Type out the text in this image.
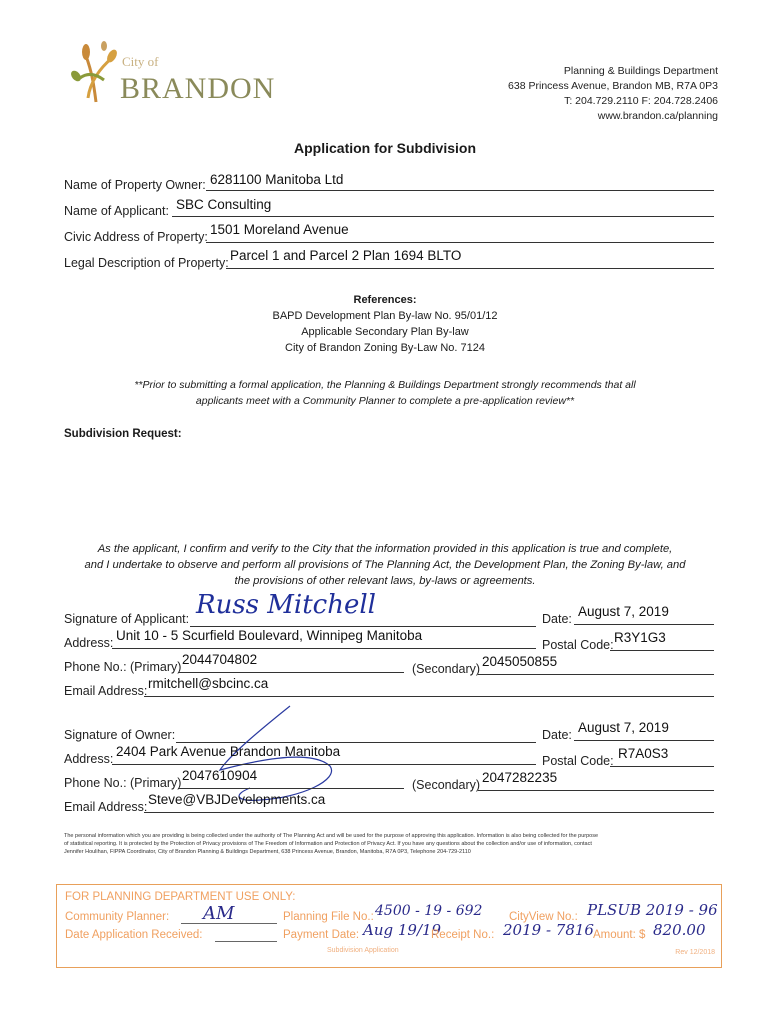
City of
BRANDON
Planning & Buildings Department
638 Princess Avenue, Brandon MB, R7A 0P3
T: 204.729.2110 F: 204.728.2406
www.brandon.ca/planning
Application for Subdivision
Name of Property Owner: 6281100 Manitoba Ltd
Name of Applicant: SBC Consulting
Civic Address of Property: 1501 Moreland Avenue
Legal Description of Property: Parcel 1 and Parcel 2 Plan 1694 BLTO
References:
BAPD Development Plan By-law No. 95/01/12
Applicable Secondary Plan By-law
City of Brandon Zoning By-Law No. 7124
**Prior to submitting a formal application, the Planning & Buildings Department strongly recommends that all
applicants meet with a Community Planner to complete a pre-application review**
Subdivision Request:
As the applicant, I confirm and verify to the City that the information provided in this application is true and complete,
and I undertake to observe and perform all provisions of The Planning Act, the Development Plan, the Zoning By-law, and
the provisions of other relevant laws, by-laws or agreements.
Signature of Applicant: Russ Mitchell	Date: August 7, 2019
Address: Unit 10 - 5 Scurfield Boulevard, Winnipeg Manitoba
Postal Code: R3Y1G3
Phone No.: (Primary) 2044704802
(Secondary) 2045050855
Email Address: rmitchell@sbcinc.ca
Signature of Owner:	Date: August 7, 2019
Address: 2404 Park Avenue Brandon Manitoba
Postal Code: R7A0S3
Phone No.: (Primary) 2047610904
(Secondary) 2047282235
Email Address: Steve@VBJDevelopments.ca
The personal information which you are providing is being collected under the authority of The Planning Act and will be used for the purpose of approving this application. Information is also being collected for the purpose
of statistical reporting. It is protected by the Protection of Privacy provisions of The Freedom of Information and Protection of Privacy Act. If you have any questions about the collection and/or use of information, contact
Jennifer Houlihan, FIPPA Coordinator, City of Brandon Planning & Buildings Department, 638 Princess Avenue, Brandon, Manitoba, R7A 0P3, Telephone 204-729-2110
FOR PLANNING DEPARTMENT USE ONLY:
Community Planner: AM	Planning File No.: 4500 - 19 - 692 CityView No.: PLSUB 2019 - 96
Date Application Received:	Payment Date: Aug 19/19
Receipt No.: 2019 - 7816 Amount: $ 820.00
Subdivision Application	Rev 12/2018
